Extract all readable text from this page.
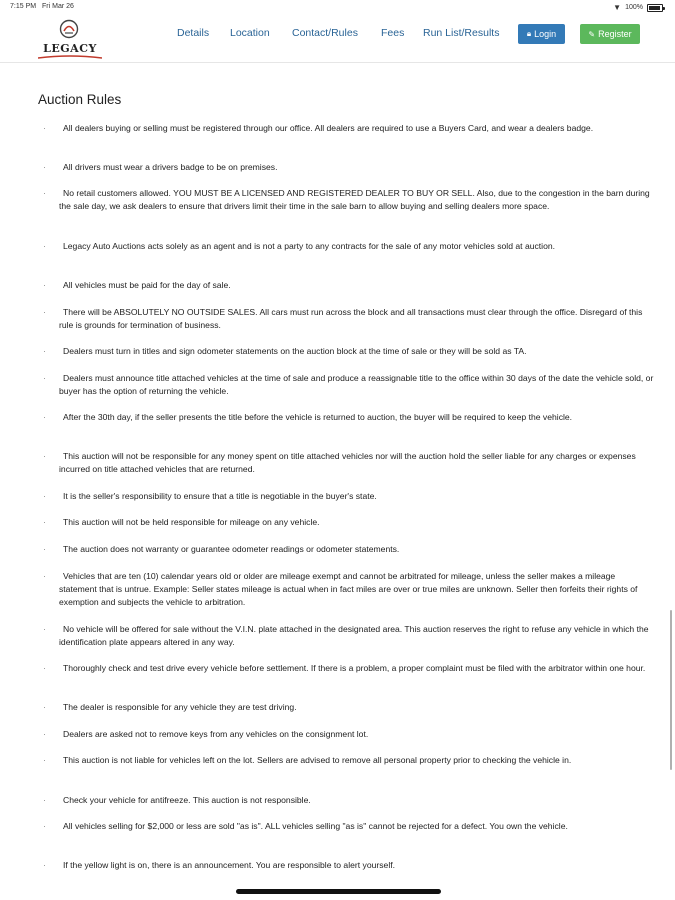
7:15 PM Fri Mar 26	▼ 100%
LEGACY
Details Location Contact/Rules Fees Run List/Results	🔒︎ Login	✎ Register
Auction Rules
·	All dealers buying or selling must be registered through our office. All dealers are required to use a Buyers Card, and wear a dealers badge.
·	All drivers must wear a drivers badge to be on premises.
·	No retail customers allowed. YOU MUST BE A LICENSED AND REGISTERED DEALER TO BUY OR SELL. Also, due to the congestion in the barn during the sale day, we ask dealers to ensure that drivers limit their time in the sale barn to allow buying and selling dealers more space.
·	Legacy Auto Auctions acts solely as an agent and is not a party to any contracts for the sale of any motor vehicles sold at auction.
·	All vehicles must be paid for the day of sale.
·	There will be ABSOLUTELY NO OUTSIDE SALES. All cars must run across the block and all transactions must clear through the office. Disregard of this rule is grounds for termination of business.
·	Dealers must turn in titles and sign odometer statements on the auction block at the time of sale or they will be sold as TA.
·	Dealers must announce title attached vehicles at the time of sale and produce a reassignable title to the office within 30 days of the date the vehicle sold, or buyer has the option of returning the vehicle.
·	After the 30th day, if the seller presents the title before the vehicle is returned to auction, the buyer will be required to keep the vehicle.
·	This auction will not be responsible for any money spent on title attached vehicles nor will the auction hold the seller liable for any charges or expenses incurred on title attached vehicles that are returned.
·	It is the seller's responsibility to ensure that a title is negotiable in the buyer's state.
·	This auction will not be held responsible for mileage on any vehicle.
·	The auction does not warranty or guarantee odometer readings or odometer statements.
·	Vehicles that are ten (10) calendar years old or older are mileage exempt and cannot be arbitrated for mileage, unless the seller makes a mileage statement that is untrue. Example: Seller states mileage is actual when in fact miles are over or true miles are unknown. Seller then forfeits their rights of exemption and subjects the vehicle to arbitration.
·	No vehicle will be offered for sale without the V.I.N. plate attached in the designated area. This auction reserves the right to refuse any vehicle in which the identification plate appears altered in any way.
·	Thoroughly check and test drive every vehicle before settlement. If there is a problem, a proper complaint must be filed with the arbitrator within one hour.
·	The dealer is responsible for any vehicle they are test driving.
·	Dealers are asked not to remove keys from any vehicles on the consignment lot.
·	This auction is not liable for vehicles left on the lot. Sellers are advised to remove all personal property prior to checking the vehicle in.
·	Check your vehicle for antifreeze. This auction is not responsible.
·	All vehicles selling for $2,000 or less are sold "as is". ALL vehicles selling "as is" cannot be rejected for a defect. You own the vehicle.
·	If the yellow light is on, there is an announcement. You are responsible to alert yourself.
